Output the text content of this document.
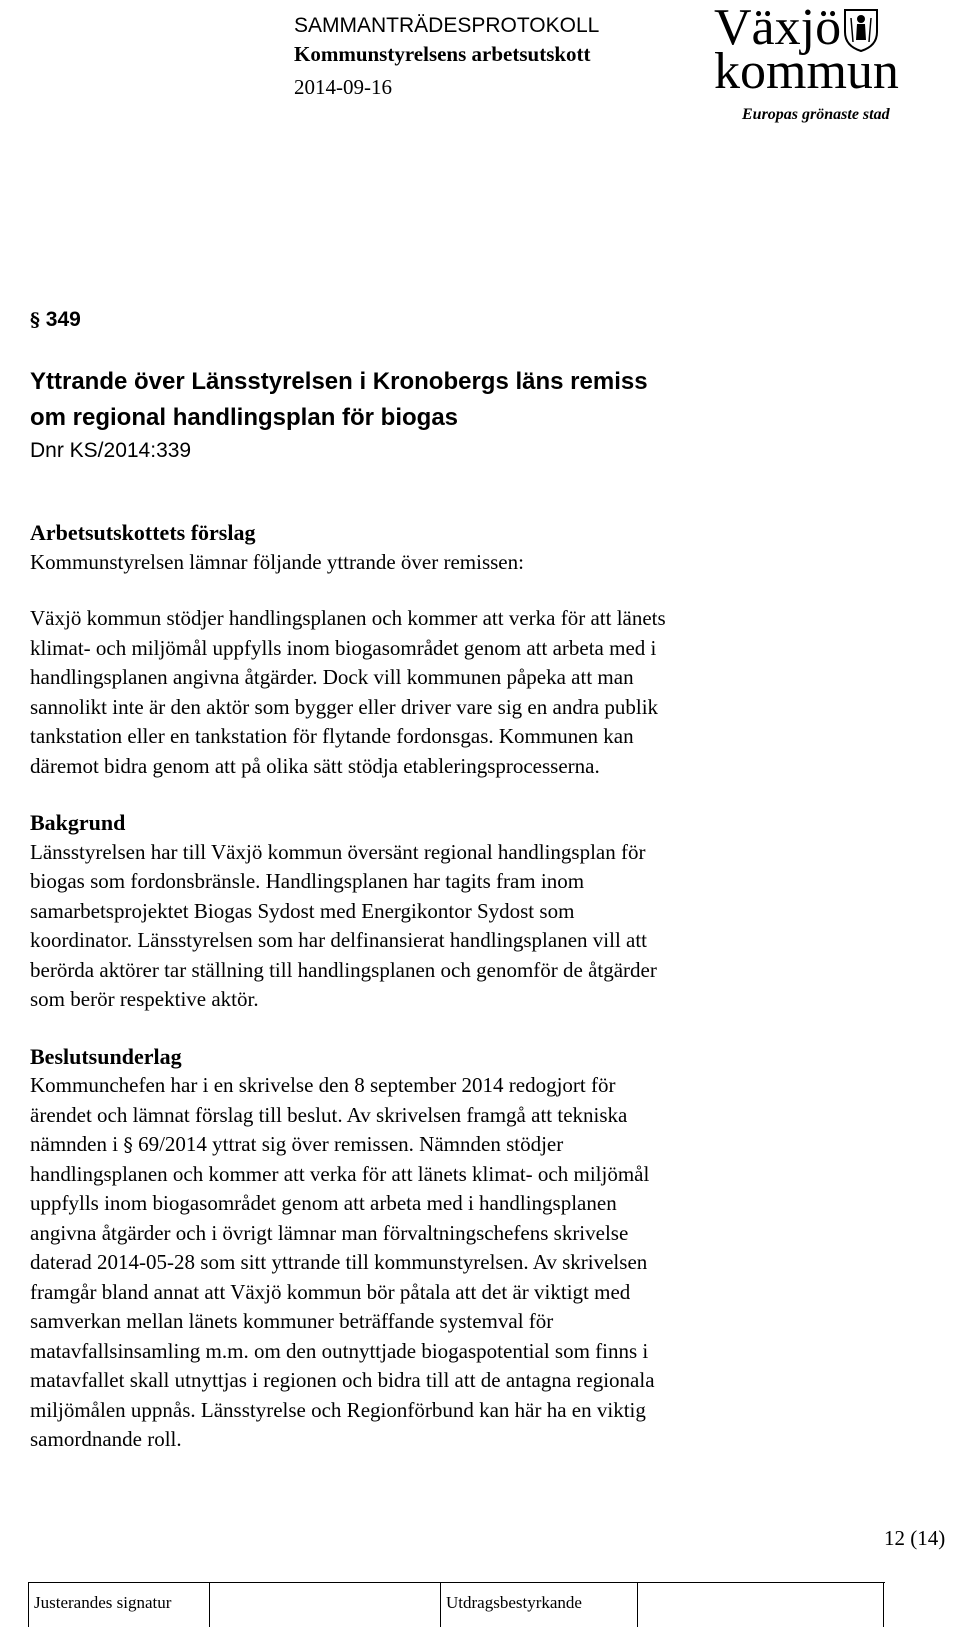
SAMMANTRÄDESPROTOKOLL
Kommunstyrelsens arbetsutskott
2014-09-16
Växjö
kommun
Europas grönaste stad
§ 349
Yttrande över Länsstyrelsen i Kronobergs läns remiss
om regional handlingsplan för biogas
Dnr KS/2014:339
Arbetsutskottets förslag
Kommunstyrelsen lämnar följande yttrande över remissen:
Växjö kommun stödjer handlingsplanen och kommer att verka för att länets
klimat- och miljömål uppfylls inom biogasområdet genom att arbeta med i
handlingsplanen angivna åtgärder. Dock vill kommunen påpeka att man
sannolikt inte är den aktör som bygger eller driver vare sig en andra publik
tankstation eller en tankstation för flytande fordonsgas. Kommunen kan
däremot bidra genom att på olika sätt stödja etableringsprocesserna.
Bakgrund
Länsstyrelsen har till Växjö kommun översänt regional handlingsplan för
biogas som fordonsbränsle. Handlingsplanen har tagits fram inom
samarbetsprojektet Biogas Sydost med Energikontor Sydost som
koordinator. Länsstyrelsen som har delfinansierat handlingsplanen vill att
berörda aktörer tar ställning till handlingsplanen och genomför de åtgärder
som berör respektive aktör.
Beslutsunderlag
Kommunchefen har i en skrivelse den 8 september 2014 redogjort för
ärendet och lämnat förslag till beslut. Av skrivelsen framgå att tekniska
nämnden i § 69/2014 yttrat sig över remissen. Nämnden stödjer
handlingsplanen och kommer att verka för att länets klimat- och miljömål
uppfylls inom biogasområdet genom att arbeta med i handlingsplanen
angivna åtgärder och i övrigt lämnar man förvaltningschefens skrivelse
daterad 2014-05-28 som sitt yttrande till kommunstyrelsen. Av skrivelsen
framgår bland annat att Växjö kommun bör påtala att det är viktigt med
samverkan mellan länets kommuner beträffande systemval för
matavfallsinsamling m.m. om den outnyttjade biogaspotential som finns i
matavfallet skall utnyttjas i regionen och bidra till att de antagna regionala
miljömålen uppnås. Länsstyrelse och Regionförbund kan här ha en viktig
samordnande roll.
12 (14)
Justerandes signatur	Utdragsbestyrkande
